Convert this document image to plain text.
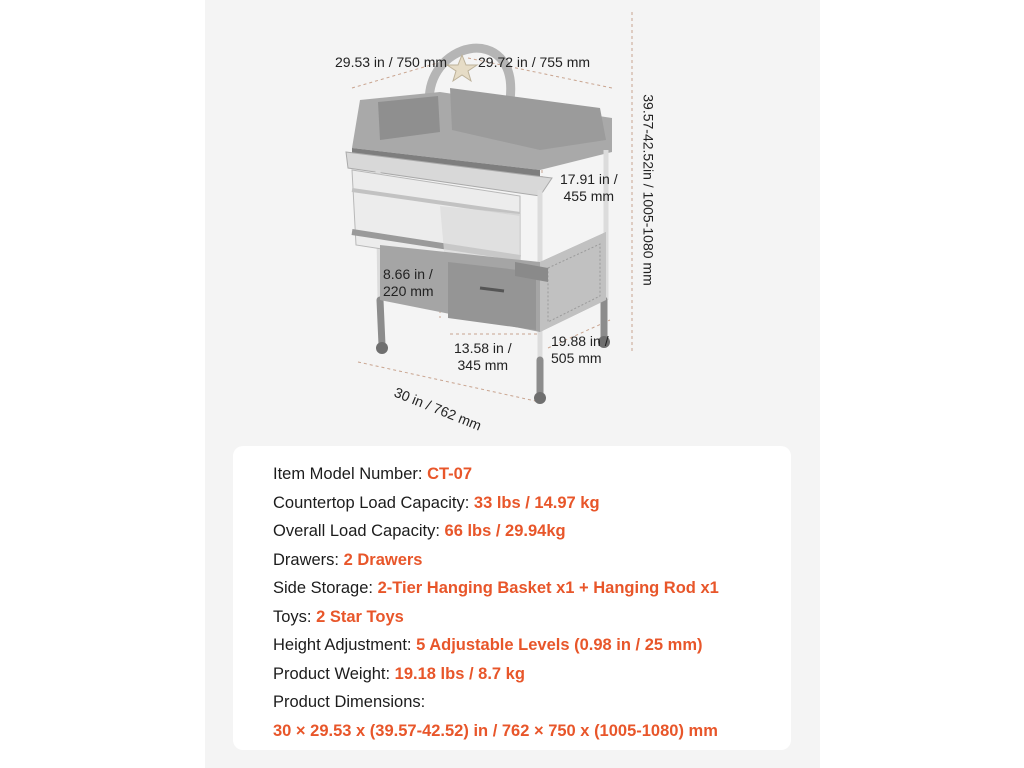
29.53 in / 750 mm 29.72 in / 755 mm
39.57-42.52in / 1005-1080 mm
17.91 in /
455 mm
8.66 in /
220 mm
13.58 in /
345 mm
19.88 in /
505 mm
30 in / 762 mm
Item Model Number: CT-07
Countertop Load Capacity: 33 lbs / 14.97 kg
Overall Load Capacity: 66 lbs / 29.94kg
Drawers: 2 Drawers
Side Storage: 2-Tier Hanging Basket x1 + Hanging Rod x1
Toys: 2 Star Toys
Height Adjustment: 5 Adjustable Levels (0.98 in / 25 mm)
Product Weight: 19.18 lbs / 8.7 kg
Product Dimensions:
30 × 29.53 x (39.57-42.52) in / 762 × 750 x (1005-1080) mm
